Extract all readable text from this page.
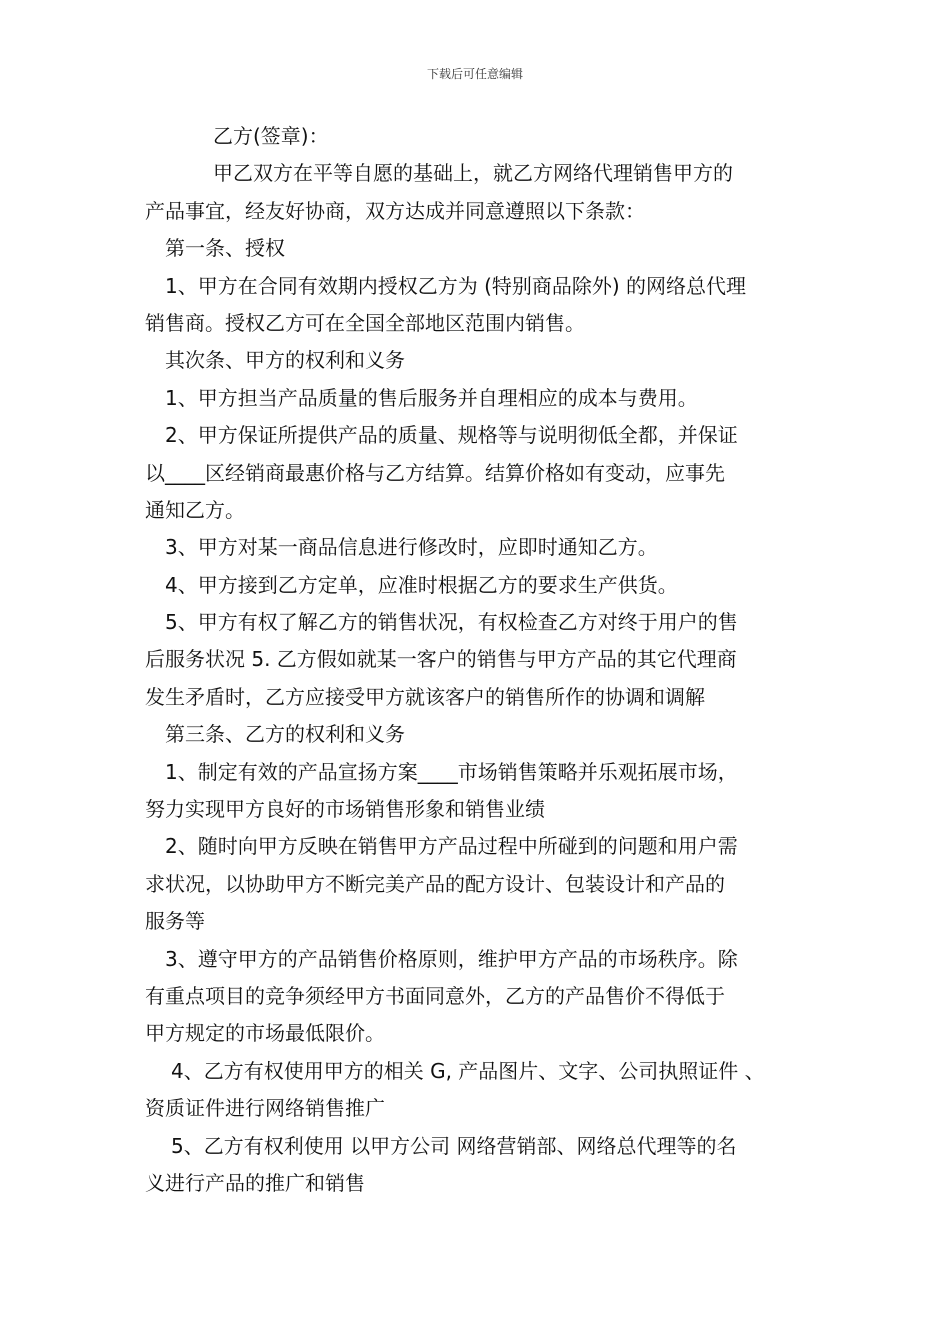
下载后可任意编辑
乙方(签章)：
甲乙双方在平等自愿的基础上，就乙方网络代理销售甲方的
产品事宜，经友好协商，双方达成并同意遵照以下条款：
第一条、授权
1、甲方在合同有效期内授权乙方为 (特别商品除外) 的网络总代理
销售商。授权乙方可在全国全部地区范围内销售。
其次条、甲方的权利和义务
1、甲方担当产品质量的售后服务并自理相应的成本与费用。
2、甲方保证所提供产品的质量、规格等与说明彻低全都，并保证
以____区经销商最惠价格与乙方结算。结算价格如有变动，应事先
通知乙方。
3、甲方对某一商品信息进行修改时，应即时通知乙方。
4、甲方接到乙方定单，应准时根据乙方的要求生产供货。
5、甲方有权了解乙方的销售状况，有权检查乙方对终于用户的售
后服务状况 5. 乙方假如就某一客户的销售与甲方产品的其它代理商
发生矛盾时，乙方应接受甲方就该客户的销售所作的协调和调解
第三条、乙方的权利和义务
1、制定有效的产品宣扬方案____市场销售策略并乐观拓展市场，
努力实现甲方良好的市场销售形象和销售业绩
2、随时向甲方反映在销售甲方产品过程中所碰到的问题和用户需
求状况，以协助甲方不断完美产品的配方设计、包装设计和产品的
服务等
3、遵守甲方的产品销售价格原则，维护甲方产品的市场秩序。除
有重点项目的竞争须经甲方书面同意外，乙方的产品售价不得低于
甲方规定的市场最低限价。
4、乙方有权使用甲方的相关 G, 产品图片、文字、公司执照证件 、
资质证件进行网络销售推广
5、乙方有权利使用 以甲方公司 网络营销部、网络总代理等的名
义进行产品的推广和销售
